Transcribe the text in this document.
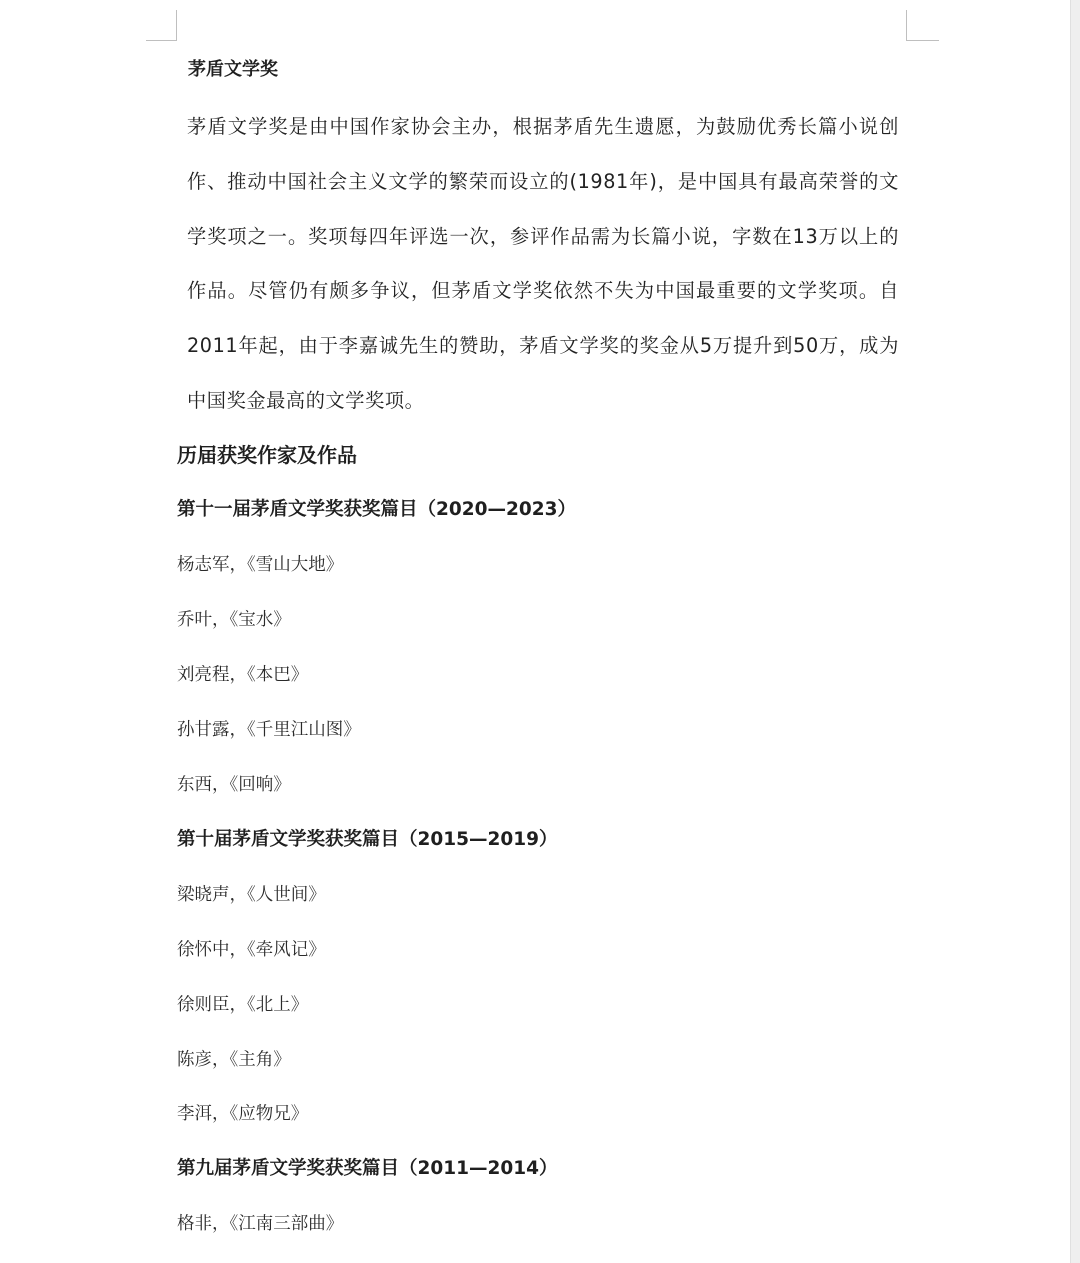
茅盾文学奖
茅盾文学奖是由中国作家协会主办，根据茅盾先生遗愿，为鼓励优秀长篇小说创作、推动中国社会主义文学的繁荣而设立的(1981年)，是中国具有最高荣誉的文学奖项之一。奖项每四年评选一次，参评作品需为长篇小说，字数在13万以上的作品。尽管仍有颇多争议，但茅盾文学奖依然不失为中国最重要的文学奖项。自2011年起，由于李嘉诚先生的赞助，茅盾文学奖的奖金从5万提升到50万，成为中国奖金最高的文学奖项。
历届获奖作家及作品
第十一届茅盾文学奖获奖篇目（2020—2023）
杨志军，《雪山大地》
乔叶，《宝水》
刘亮程，《本巴》
孙甘露，《千里江山图》
东西，《回响》
第十届茅盾文学奖获奖篇目（2015—2019）
梁晓声，《人世间》
徐怀中，《牵风记》
徐则臣，《北上》
陈彦，《主角》
李洱，《应物兄》
第九届茅盾文学奖获奖篇目（2011—2014）
格非，《江南三部曲》
